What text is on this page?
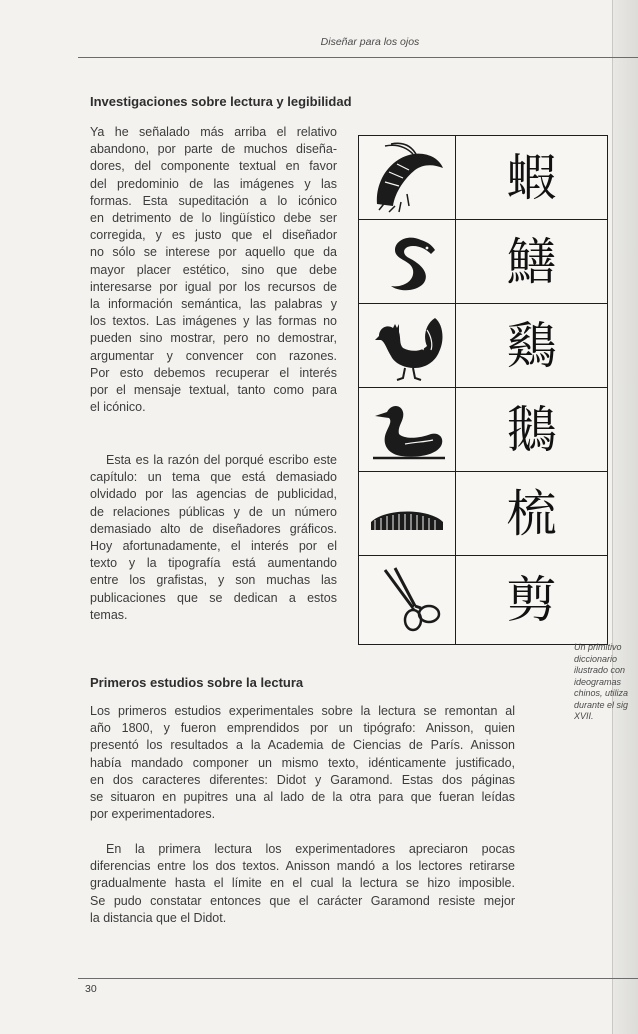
Diseñar para los ojos
Investigaciones sobre lectura y legibilidad
Ya he señalado más arriba el relativo
abandono, por parte de muchos diseña-
dores, del componente textual en favor
del predominio de las imágenes y las
formas. Esta supeditación a lo icónico
en detrimento de lo lingüístico debe ser
corregida, y es justo que el diseñador
no sólo se interese por aquello que da
mayor placer estético, sino que debe
interesarse por igual por los recursos de
la información semántica, las palabras y
los textos. Las imágenes y las formas no
pueden sino mostrar, pero no demostrar,
argumentar y convencer con razones.
Por esto debemos recuperar el interés
por el mensaje textual, tanto como para
el icónico.
Esta es la razón del porqué escribo este
capítulo: un tema que está demasiado
olvidado por las agencias de publicidad,
de relaciones públicas y de un número
demasiado alto de diseñadores gráficos.
Hoy afortunadamente, el interés por el
texto y la tipografía está aumentando
entre los grafistas, y son muchas las
publicaciones que se dedican a estos
temas.
蝦
鱔
鷄
鵝
梳
剪
Un primitivo
diccionario
ilustrado con
ideogramas
chinos, utiliza
durante el sig
XVII.
Primeros estudios sobre la lectura
Los primeros estudios experimentales sobre la lectura se remontan al
año 1800, y fueron emprendidos por un tipógrafo: Anisson, quien
presentó los resultados a la Academia de Ciencias de París. Anisson
había mandado componer un mismo texto, idénticamente justificado,
en dos caracteres diferentes: Didot y Garamond. Estas dos páginas
se situaron en pupitres una al lado de la otra para que fueran leídas
por experimentadores.
En la primera lectura los experimentadores apreciaron pocas
diferencias entre los dos textos. Anisson mandó a los lectores retirarse
gradualmente hasta el límite en el cual la lectura se hizo imposible.
Se pudo constatar entonces que el carácter Garamond resiste mejor
la distancia que el Didot.
30
